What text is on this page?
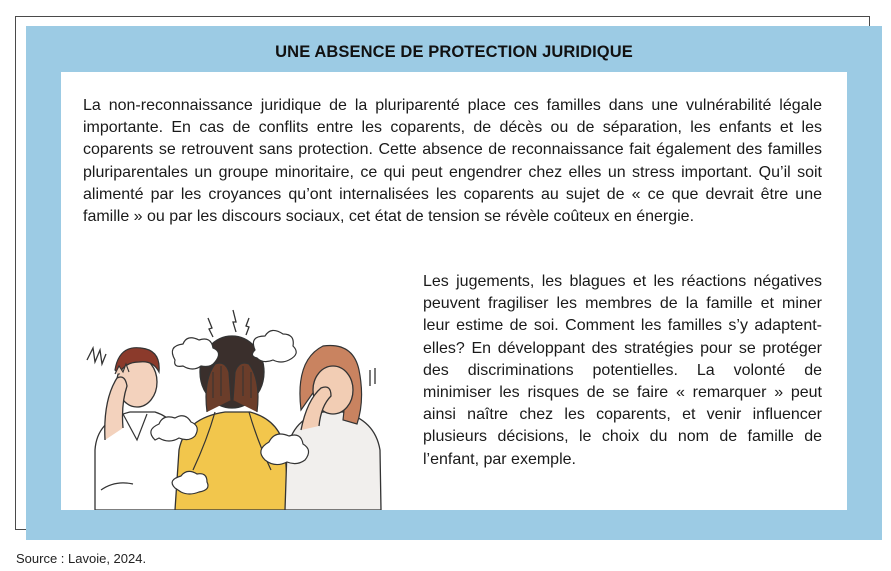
UNE ABSENCE DE PROTECTION JURIDIQUE

La non-reconnaissance juridique de la pluriparenté place ces familles dans une vulnérabilité légale importante. En cas de conflits entre les coparents, de décès ou de séparation, les enfants et les coparents se retrouvent sans protection. Cette absence de reconnaissance fait également des familles pluriparentales un groupe minoritaire, ce qui peut engendrer chez elles un stress important. Qu’il soit alimenté par les croyances qu’ont internalisées les coparents au sujet de « ce que devrait être une famille » ou par les discours sociaux, cet état de tension se révèle coûteux en énergie.

Les jugements, les blagues et les réactions négatives peuvent fragiliser les membres de la famille et miner leur estime de soi. Comment les familles s’y adaptent-elles? En développant des stratégies pour se protéger des discriminations potentielles. La volonté de minimiser les risques de se faire « remarquer » peut ainsi naître chez les coparents, et venir influencer plusieurs décisions, le choix du nom de famille de l’enfant, par exemple.

Source : Lavoie, 2024.
